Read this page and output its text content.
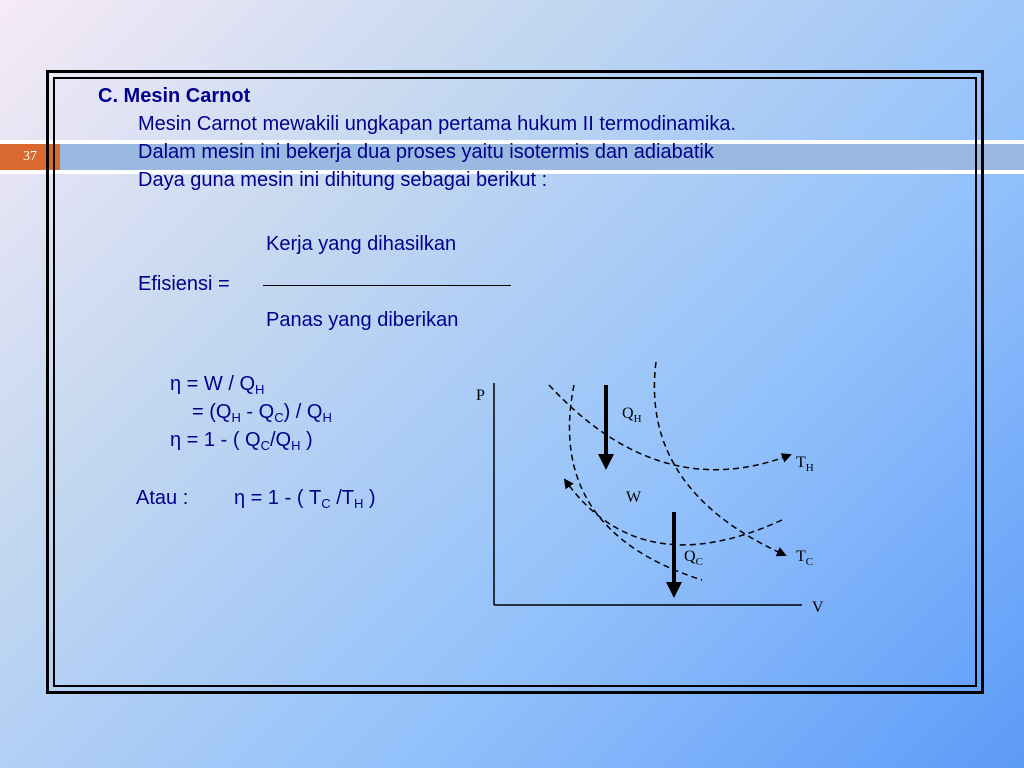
37
C. Mesin Carnot
Mesin Carnot mewakili ungkapan pertama hukum II termodinamika.
Dalam mesin ini bekerja dua proses yaitu isotermis dan adiabatik
Daya guna mesin ini dihitung sebagai berikut :
Kerja yang dihasilkan
Efisiensi =
Panas yang diberikan
$\eta = W / Q_H$
= $(Q_H - Q_C) / Q_H$
η = 1 - ( $Q_C/Q_H$ )
Atau : η = 1 - ( $T_C$ $/T_H$ )
P
V
$Q_H$
$T_H$
W
$Q_C$	$T_C$
